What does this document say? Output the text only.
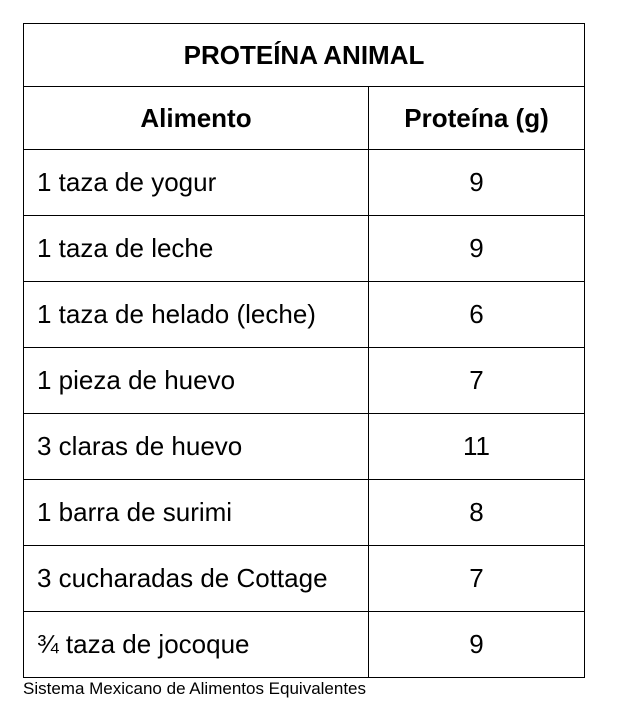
PROTEÍNA ANIMAL	
Alimento	Proteína (g)
1 taza de yogur	9
1 taza de leche	9
1 taza de helado (leche)	6
1 pieza de huevo	7
3 claras de huevo	11
1 barra de surimi	8
3 cucharadas de Cottage	7
¾ taza de jocoque	9
Sistema Mexicano de Alimentos Equivalentes
